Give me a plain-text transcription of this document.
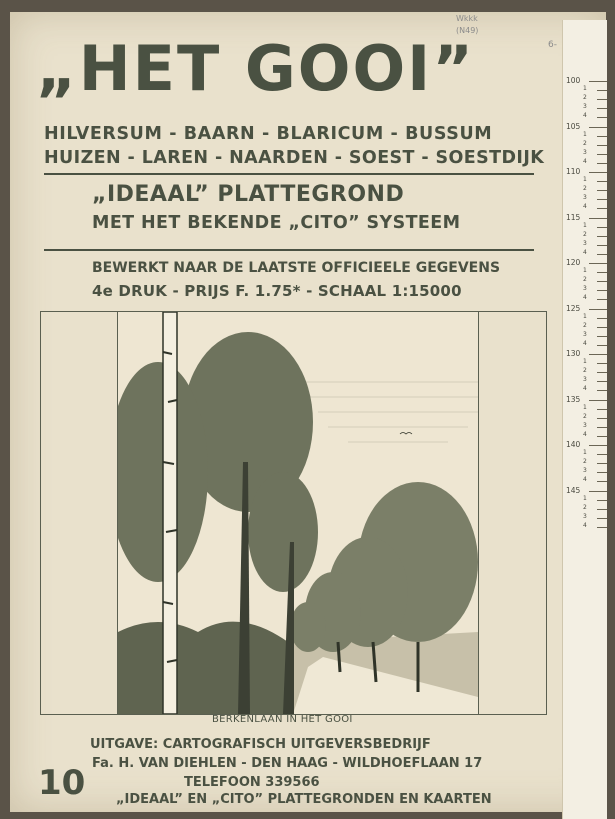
„HET GOOI”
HILVERSUM - BAARN - BLARICUM - BUSSUM
HUIZEN - LAREN - NAARDEN - SOEST - SOESTDIJK
„IDEAAL” PLATTEGROND
MET HET BEKENDE „CITO” SYSTEEM
BEWERKT NAAR DE LAATSTE OFFICIEELE GEGEVENS
4e DRUK - PRIJS F. 1.75* - SCHAAL 1:15000
BERKENLAAN IN HET GOOI
UITGAVE: CARTOGRAFISCH UITGEVERSBEDRIJF
Fa. H. VAN DIEHLEN - DEN HAAG - WILDHOEFLAAN 17
TELEFOON 339566
„IDEAAL” EN „CITO” PLATTEGRONDEN EN KAARTEN
10
100
1
2
3
4
105
1
2
3
4
110
1
2
3
4
115
1
2
3
4
120
1
2
3
4
125
1
2
3
4
130
1
2
3
4
135
1
2
3
4
140
1
2
3
4
145
1
2
3
4
Wkkk
(N49)
6-
